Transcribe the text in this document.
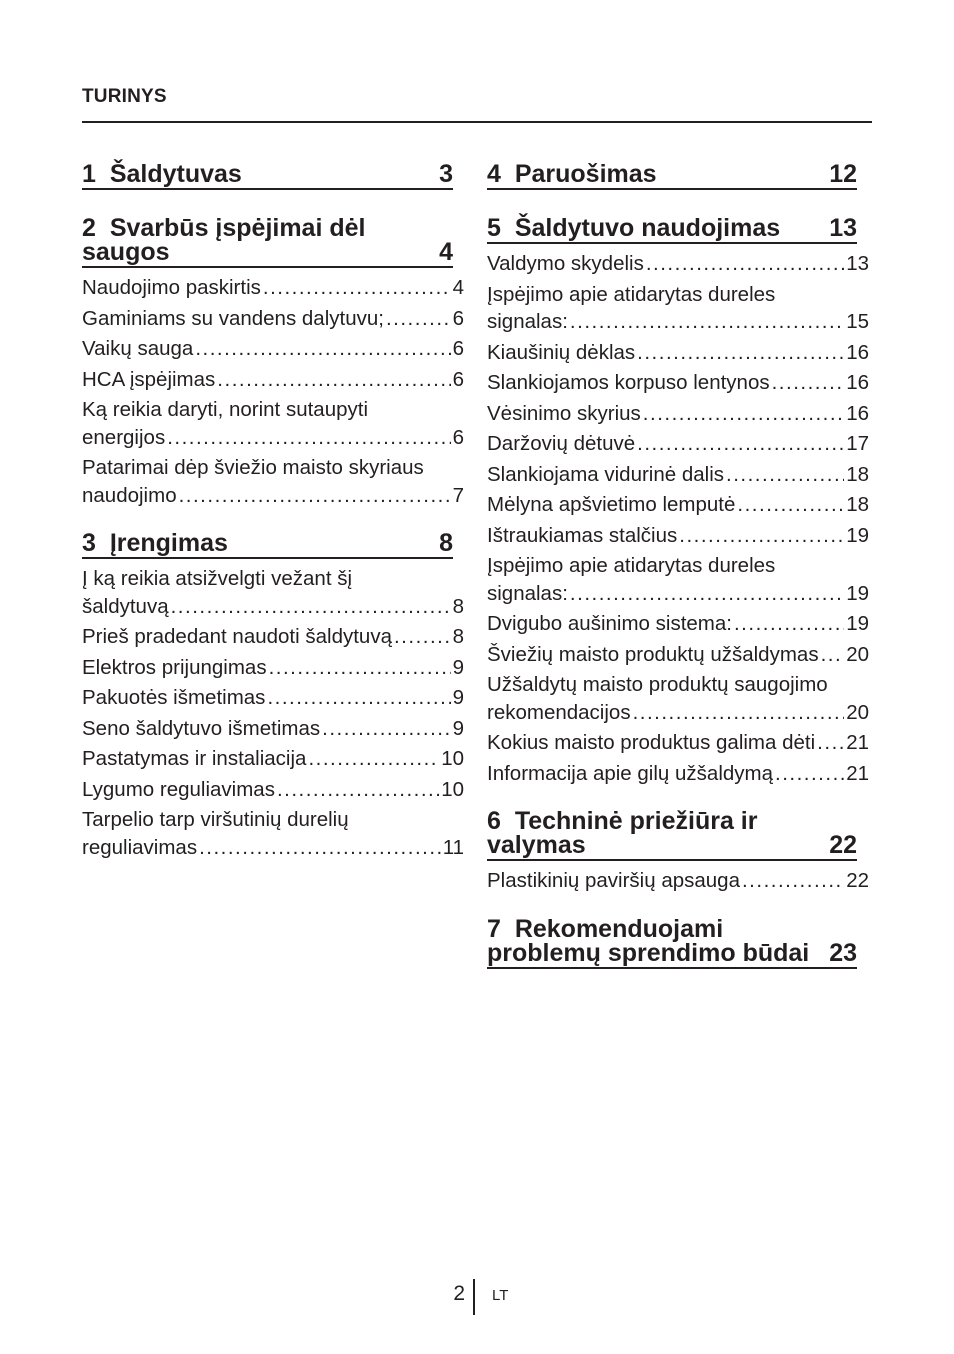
TURINYS
1 Šaldytuvas	3
2 Svarbūs įspėjimai dėl
saugos	4
Naudojimo paskirtis .....	4
Gaminiams su vandens dalytuvu; .....	6
Vaikų sauga .....	6
HCA įspėjimas .....	6
Ką reikia daryti, norint sutaupyti
energijos .....	6
Patarimai dėp šviežio maisto skyriaus
naudojimo .....	7
3 Įrengimas	8
Į ką reikia atsižvelgti vežant šį
šaldytuvą .....	8
Prieš pradedant naudoti šaldytuvą .....	8
Elektros prijungimas .....	9
Pakuotės išmetimas .....	9
Seno šaldytuvo išmetimas .....	9
Pastatymas ir instaliacija .....	10
Lygumo reguliavimas .....	10
Tarpelio tarp viršutinių durelių
reguliavimas .....	11
4 Paruošimas	12
5 Šaldytuvo naudojimas	13
Valdymo skydelis .....	13
Įspėjimo apie atidarytas dureles
signalas: .....	15
Kiaušinių dėklas .....	16
Slankiojamos korpuso lentynos .....	16
Vėsinimo skyrius .....	16
Daržovių dėtuvė .....	17
Slankiojama vidurinė dalis .....	18
Mėlyna apšvietimo lemputė .....	18
Ištraukiamas stalčius .....	19
Įspėjimo apie atidarytas dureles
signalas: .....	19
Dvigubo aušinimo sistema: .....	19
Šviežių maisto produktų užšaldymas ..... 20
Užšaldytų maisto produktų saugojimo
rekomendacijos .....	20
Kokius maisto produktus galima dėti ..... 21
Informacija apie gilų užšaldymą .....	21
6 Techninė priežiūra ir
valymas	22
Plastikinių paviršių apsauga .....	22
7 Rekomenduojami
problemų sprendimo būdai 23
2 LT
